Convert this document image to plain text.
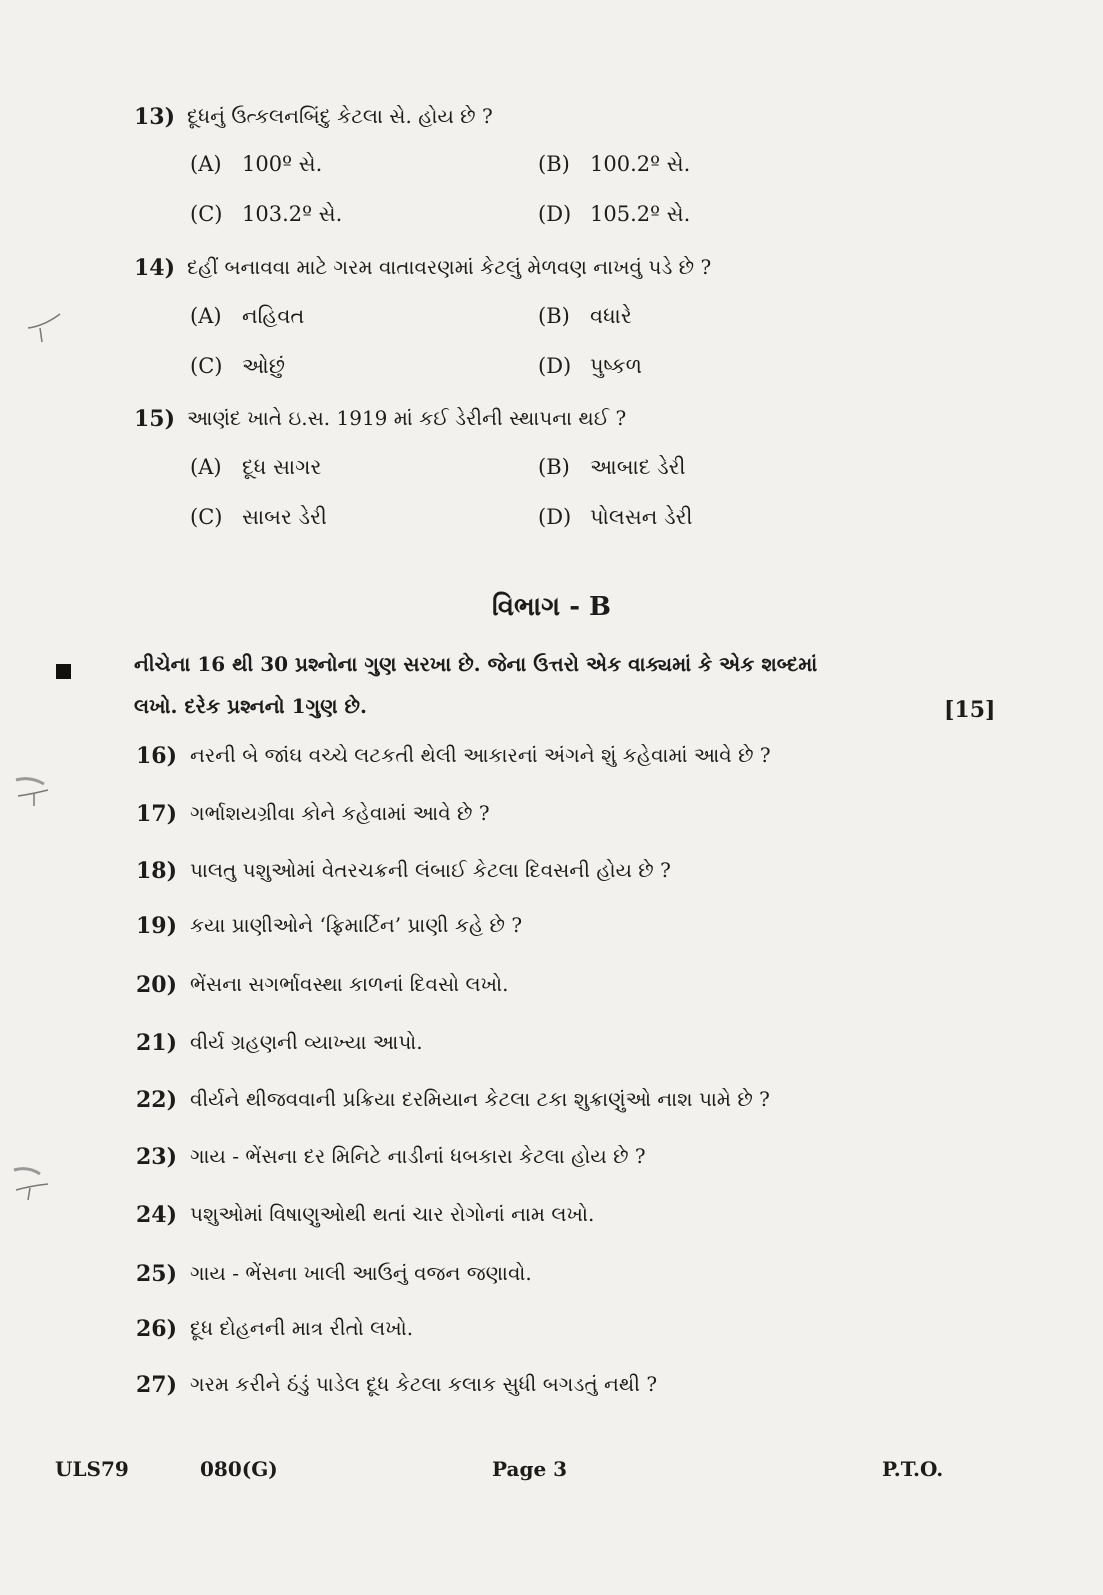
13) દૂધનું ઉત્કલનબિંદુ કેટલા સે. હોય છે ?
(A) 100º સે.	(B) 100.2º સે.
(C) 103.2º સે.	(D) 105.2º સે.
14) દહીં બનાવવા માટે ગરમ વાતાવરણમાં કેટલું મેળવણ નાખવું પડે છે ?
(A) નહિવત	(B) વધારે
(C) ઓછું	(D) પુષ્કળ
15) આણંદ ખાતે ઇ.સ. 1919 માં કઈ ડેરીની સ્થાપના થઈ ?
(A) દૂધ સાગર	(B) આબાદ ડેરી
(C) સાબર ડેરી	(D) પોલસન ડેરી
વિભાગ - B
નીચેના 16 થી 30 પ્રશ્નોના ગુણ સરખા છે. જેના ઉત્તરો એક વાક્યમાં કે એક શબ્દમાં
લખો. દરેક પ્રશ્નનો 1ગુણ છે.	[15]
16) નરની બે જાંઘ વચ્ચે લટકતી થેલી આકારનાં અંગને શું કહેવામાં આવે છે ?
17) ગર્ભાશયગ્રીવા કોને કહેવામાં આવે છે ?
18) પાલતુ પશુઓમાં વેતરચક્રની લંબાઈ કેટલા દિવસની હોય છે ?
19) કયા પ્રાણીઓને ‘ફ્રિમાર્ટિન’ પ્રાણી કહે છે ?
20) ભેંસના સગર્ભાવસ્થા કાળનાં દિવસો લખો.
21) વીર્ય ગ્રહણની વ્યાખ્યા આપો.
22) વીર્યને થીજવવાની પ્રક્રિયા દરમિયાન કેટલા ટકા શુક્રાણુંઓ નાશ પામે છે ?
23) ગાય - ભેંસના દર મિનિટે નાડીનાં ધબકારા કેટલા હોય છે ?
24) પશુઓમાં વિષાણુઓથી થતાં ચાર રોગોનાં નામ લખો.
25) ગાય - ભેંસના ખાલી આઉનું વજન જણાવો.
26) દૂધ દોહનની માત્ર રીતો લખો.
27) ગરમ કરીને ઠંડું પાડેલ દૂધ કેટલા કલાક સુધી બગડતું નથી ?
ULS79	080(G)	Page 3	P.T.O.
